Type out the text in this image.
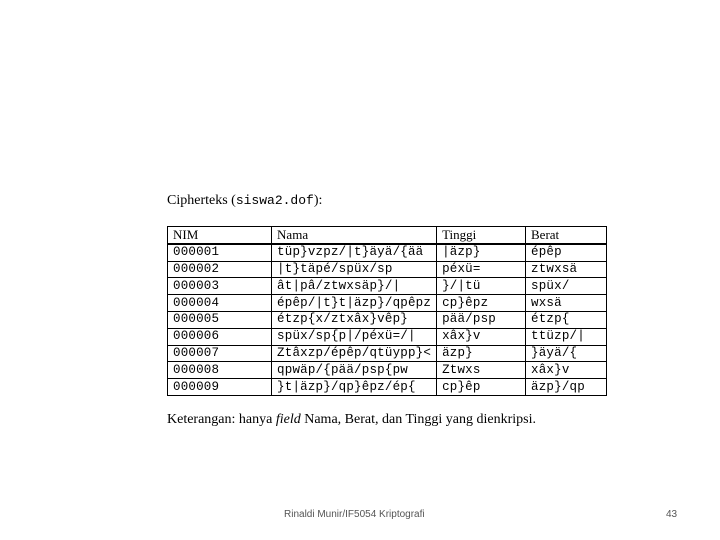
Cipherteks (siswa2.dof):
NIM	Nama	Tinggi	Berat
000001	tüp}vzpz/|t}äyä/{ää	|äzp}	épêp
000002	|t}täpé/spüx/sp	péxü=	ztwxsä
000003	ât|pâ/ztwxsäp}/|	}/|tü	spüx/
000004	épêp/|t}t|äzp}/qpêpz	cp}êpz	wxsä
000005	étzp{x/ztxâx}vêp}	pää/psp	étzp{
000006	spüx/sp{p|/péxü=/|	xâx}v	ttüzp/|
000007	Ztâxzp/épêp/qtüypp}<	äzp}	}äyä/{
000008	qpwäp/{pää/psp{pw	Ztwxs	xâx}v
000009	}t|äzp}/qp}êpz/ép{	cp}êp	äzp}/qp
Keterangan: hanya field Nama, Berat, dan Tinggi yang dienkripsi.
Rinaldi Munir/IF5054 Kriptografi	43
